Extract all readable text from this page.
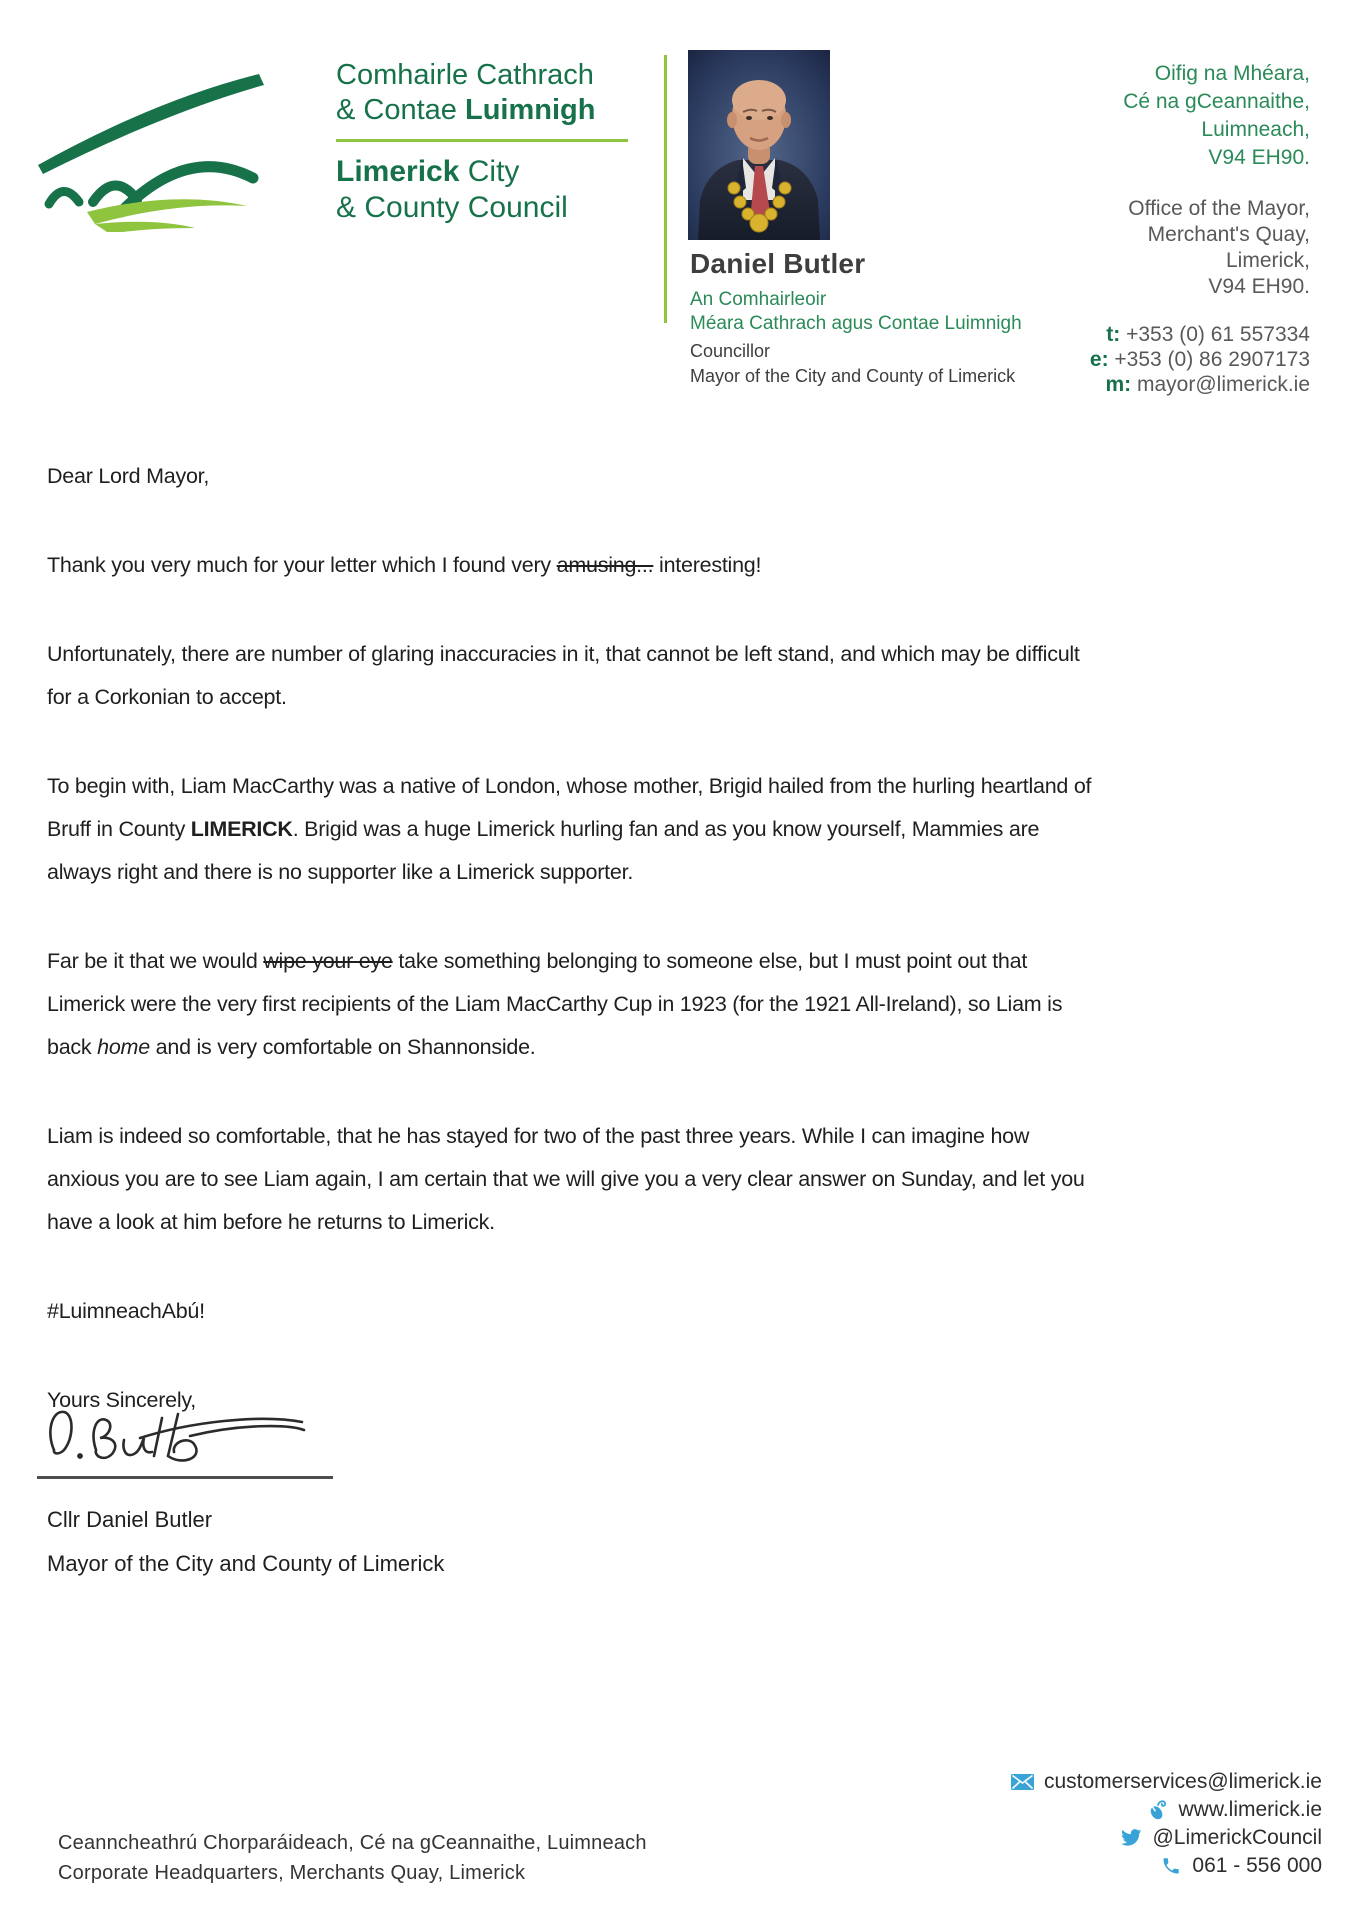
Comhairle Cathrach
& Contae Luimnigh
Limerick City
& County Council
Daniel Butler
An Comhairleoir
Méara Cathrach agus Contae Luimnigh
Councillor
Mayor of the City and County of Limerick
Oifig na Mhéara,
Cé na gCeannaithe,
Luimneach,
V94 EH90.
Office of the Mayor,
Merchant's Quay,
Limerick,
V94 EH90.
t: +353 (0) 61 557334
e: +353 (0) 86 2907173
m: mayor@limerick.ie

Dear Lord Mayor,

Thank you very much for your letter which I found very amusing... interesting!

Unfortunately, there are number of glaring inaccuracies in it, that cannot be left stand, and which may be difficult for a Corkonian to accept.

To begin with, Liam MacCarthy was a native of London, whose mother, Brigid hailed from the hurling heartland of Bruff in County LIMERICK. Brigid was a huge Limerick hurling fan and as you know yourself, Mammies are always right and there is no supporter like a Limerick supporter.

Far be it that we would wipe your eye take something belonging to someone else, but I must point out that Limerick were the very first recipients of the Liam MacCarthy Cup in 1923 (for the 1921 All-Ireland), so Liam is back home and is very comfortable on Shannonside.

Liam is indeed so comfortable, that he has stayed for two of the past three years. While I can imagine how anxious you are to see Liam again, I am certain that we will give you a very clear answer on Sunday, and let you have a look at him before he returns to Limerick.

#LuimneachAbú!

Yours Sincerely,

Cllr Daniel Butler
Mayor of the City and County of Limerick
Ceanncheathrú Chorparáideach, Cé na gCeannaithe, Luimneach
Corporate Headquarters, Merchants Quay, Limerick
customerservices@limerick.ie
www.limerick.ie
@LimerickCouncil
061 - 556 000
